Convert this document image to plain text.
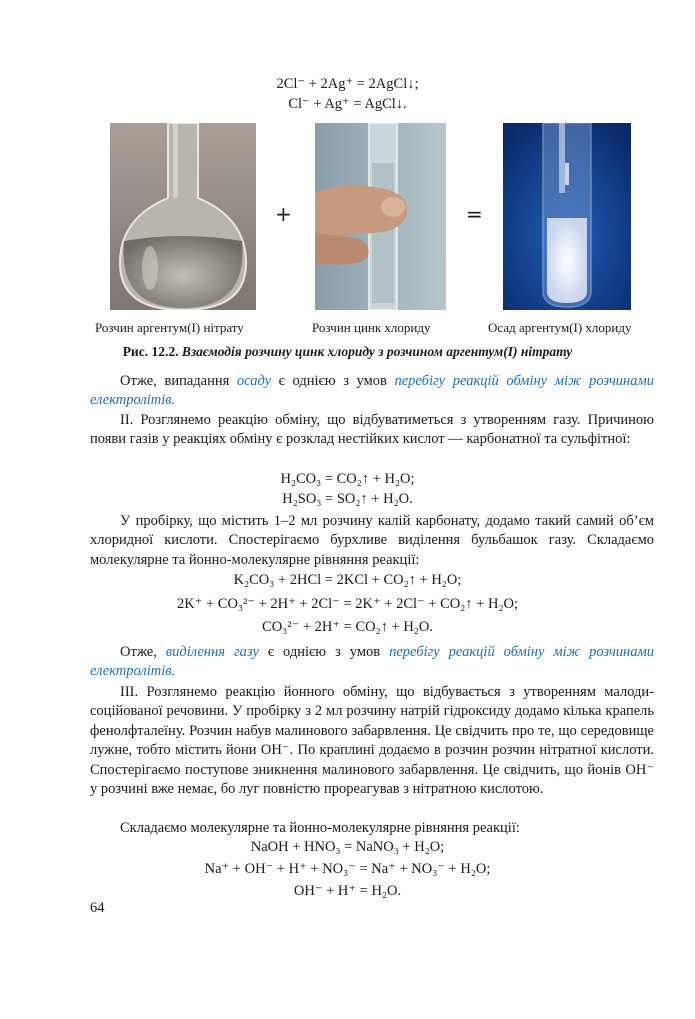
2Cl⁻ + 2Ag⁺ = 2AgCl↓;
Cl⁻ + Ag⁺ = AgCl↓.
+	=
Розчин аргентум(І) нітрату	Розчин цинк хлориду	Осад аргентум(І) хлориду
Рис. 12.2. Взаємодія розчину цинк хлориду з розчином аргентум(І) нітрату
Отже, випадання осаду є однією з умов перебігу реакцій обміну між розчинами електролітів.
ІІ. Розглянемо реакцію обміну, що відбуватиметься з утворенням газу. Причиною появи газів у реакціях обміну є розклад нестійких кислот — карбонатної та сульфітної:
H₂CO₃ = CO₂↑ + H₂O;
H₂SO₃ = SO₂↑ + H₂O.
У пробірку, що містить 1–2 мл розчину калій карбонату, додамо такий самий об’єм хлоридної кислоти. Спостерігаємо бурхливе виділення бульбашок газу. Складаємо молекулярне та йонно-молекулярне рівняння реакції:
K₂CO₃ + 2HCl = 2KCl + CO₂↑ + H₂O;
2K⁺ + CO₃²⁻ + 2H⁺ + 2Cl⁻ = 2K⁺ + 2Cl⁻ + CO₂↑ + H₂O;
CO₃²⁻ + 2H⁺ = CO₂↑ + H₂O.
Отже, виділення газу є однією з умов перебігу реакцій обміну між розчинами електролітів.
ІІІ. Розглянемо реакцію йонного обміну, що відбувається з утворенням малодисоційованої речовини. У пробірку з 2 мл розчину натрій гідроксиду додамо кілька крапель фенолфталеїну. Розчин набув малинового забарвлення. Це свідчить про те, що середовище лужне, тобто містить йони OH⁻. По краплині додаємо в розчин розчин нітратної кислоти. Спостерігаємо поступове зникнення малинового забарвлення. Це свідчить, що йонів OH⁻ у розчині вже немає, бо луг повністю прореагував з нітратною кислотою.
Складаємо молекулярне та йонно-молекулярне рівняння реакції:
NaOH + HNO₃ = NaNO₃ + H₂O;
Na⁺ + OH⁻ + H⁺ + NO₃⁻ = Na⁺ + NO₃⁻ + H₂O;
OH⁻ + H⁺ = H₂O.
64
